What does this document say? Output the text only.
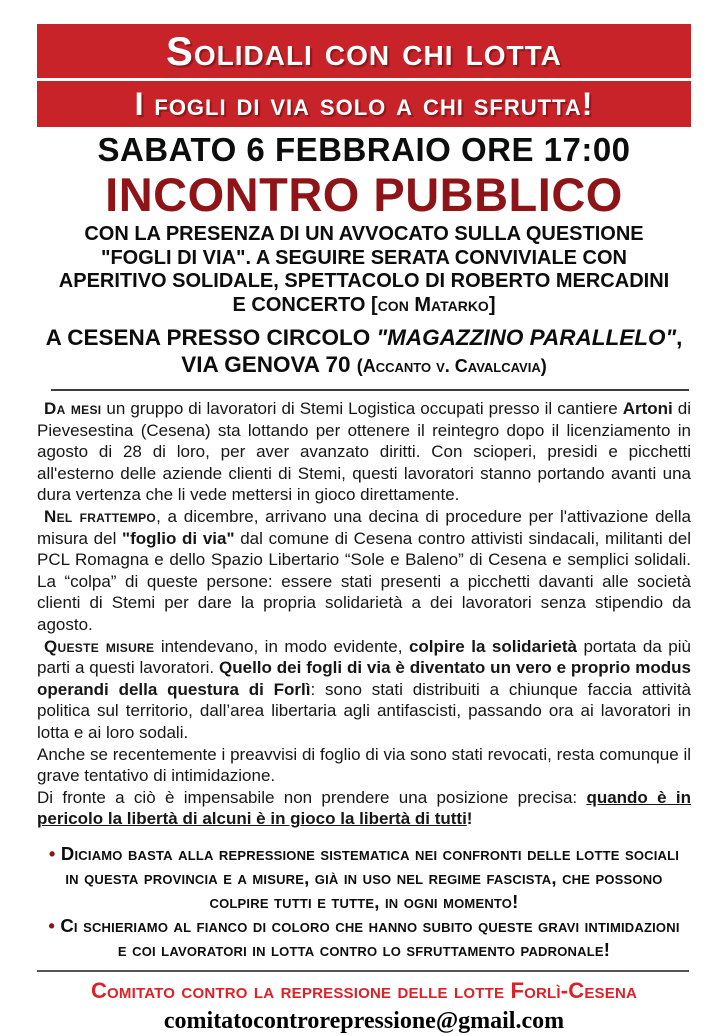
Solidali con chi lotta
I fogli di via solo a chi sfrutta!
SABATO 6 FEBBRAIO ORE 17:00
INCONTRO PUBBLICO
CON LA PRESENZA DI UN AVVOCATO SULLA QUESTIONE "FOGLI DI VIA". A SEGUIRE SERATA CONVIVIALE CON APERITIVO SOLIDALE, SPETTACOLO DI ROBERTO MERCADINI E CONCERTO [con Matarko]
A CESENA PRESSO CIRCOLO "MAGAZZINO PARALLELO", VIA GENOVA 70 (Accanto v. Cavalcavia)

Da mesi un gruppo di lavoratori di Stemi Logistica occupati presso il cantiere Artoni di Pievesestina (Cesena) sta lottando per ottenere il reintegro dopo il licenziamento in agosto di 28 di loro, per aver avanzato diritti. Con scioperi, presidi e picchetti all'esterno delle aziende clienti di Stemi, questi lavoratori stanno portando avanti una dura vertenza che li vede mettersi in gioco direttamente.

Nel frattempo, a dicembre, arrivano una decina di procedure per l'attivazione della misura del "foglio di via" dal comune di Cesena contro attivisti sindacali, militanti del PCL Romagna e dello Spazio Libertario “Sole e Baleno” di Cesena e semplici solidali. La “colpa” di queste persone: essere stati presenti a picchetti davanti alle società clienti di Stemi per dare la propria solidarietà a dei lavoratori senza stipendio da agosto.

Queste misure intendevano, in modo evidente, colpire la solidarietà portata da più parti a questi lavoratori. Quello dei fogli di via è diventato un vero e proprio modus operandi della questura di Forlì: sono stati distribuiti a chiunque faccia attività politica sul territorio, dall’area libertaria agli antifascisti, passando ora ai lavoratori in lotta e ai loro sodali.

Anche se recentemente i preavvisi di foglio di via sono stati revocati, resta comunque il grave tentativo di intimidazione.

Di fronte a ciò è impensabile non prendere una posizione precisa: quando è in pericolo la libertà di alcuni è in gioco la libertà di tutti!

• Diciamo basta alla repressione sistematica nei confronti delle lotte sociali in questa provincia e a misure, già in uso nel regime fascista, che possono colpire tutti e tutte, in ogni momento!
• Ci schieriamo al fianco di coloro che hanno subito queste gravi intimidazioni e coi lavoratori in lotta contro lo sfruttamento padronale!
Comitato contro la repressione delle lotte Forlì-Cesena
comitatocontrorepressione@gmail.com
